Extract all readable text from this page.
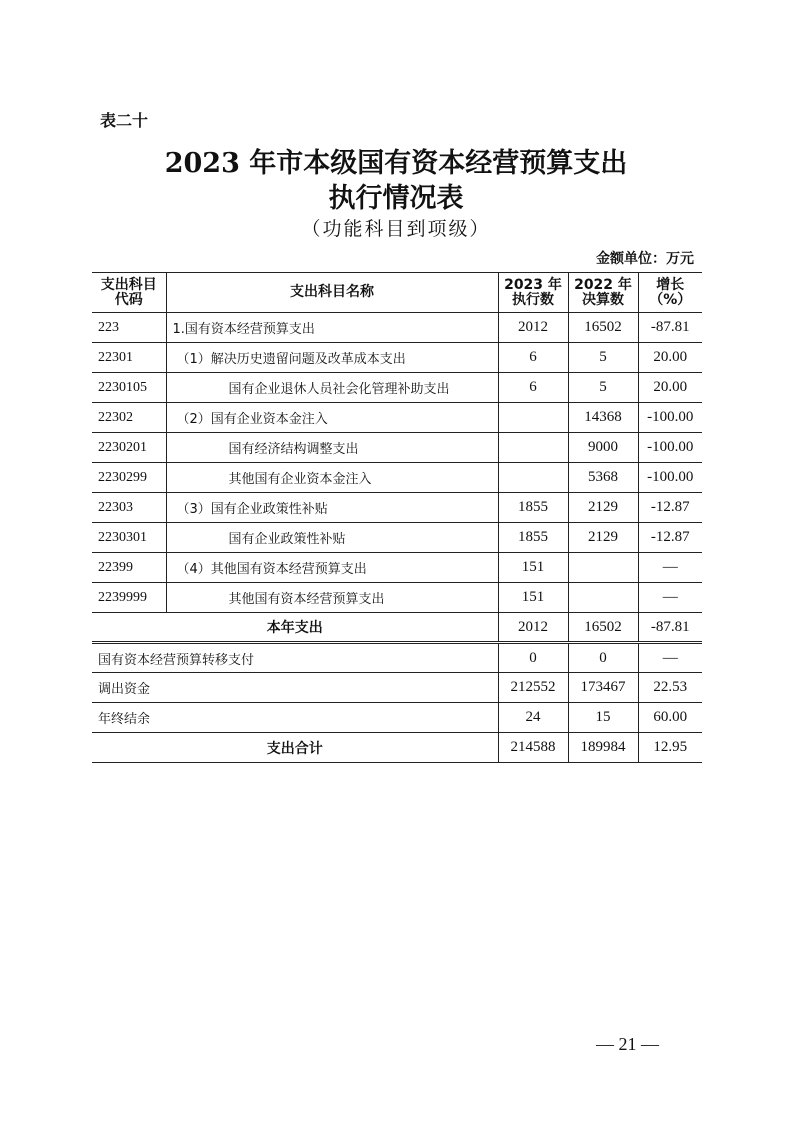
表二十
2023 年市本级国有资本经营预算支出
执行情况表
（功能科目到项级）
金额单位：万元
支出科目代码	支出科目名称	2023 年执行数	2022 年决算数	增长（%）
223	1.国有资本经营预算支出	2012	16502	-87.81
22301	（1）解决历史遗留问题及改革成本支出	6	5	20.00
2230105	国有企业退休人员社会化管理补助支出	6	5	20.00
22302	（2）国有企业资本金注入		14368	-100.00
2230201	国有经济结构调整支出		9000	-100.00
2230299	其他国有企业资本金注入		5368	-100.00
22303	（3）国有企业政策性补贴	1855	2129	-12.87
2230301	国有企业政策性补贴	1855	2129	-12.87
22399	（4）其他国有资本经营预算支出	151		—
2239999	其他国有资本经营预算支出	151		—
本年支出		2012	16502	-87.81
国有资本经营预算转移支付		0	0	—
调出资金		212552	173467	22.53
年终结余		24	15	60.00
支出合计		214588	189984	12.95
— 21 —
